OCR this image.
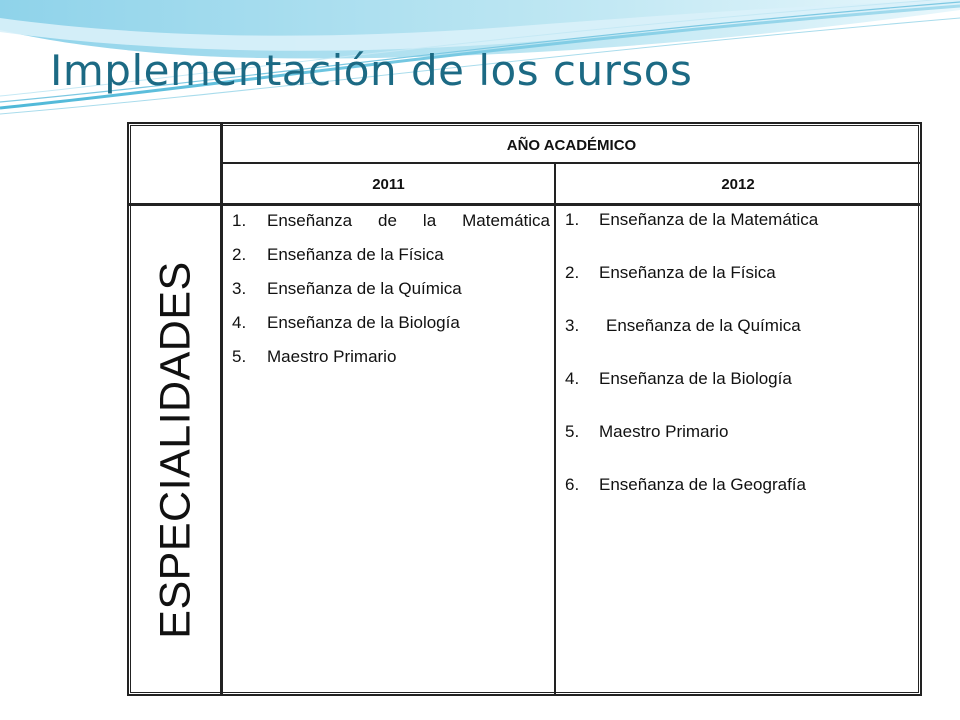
Implementación de los cursos
AÑO ACADÉMICO
2011	2012
ESPECIALIDADES
1. Enseñanza de la Matemática
2. Enseñanza de la Física
3. Enseñanza de la Química
4. Enseñanza de la Biología
5. Maestro Primario
1. Enseñanza de la Matemática
2. Enseñanza de la Física
3. Enseñanza de la Química
4. Enseñanza de la Biología
5. Maestro Primario
6. Enseñanza de la Geografía
